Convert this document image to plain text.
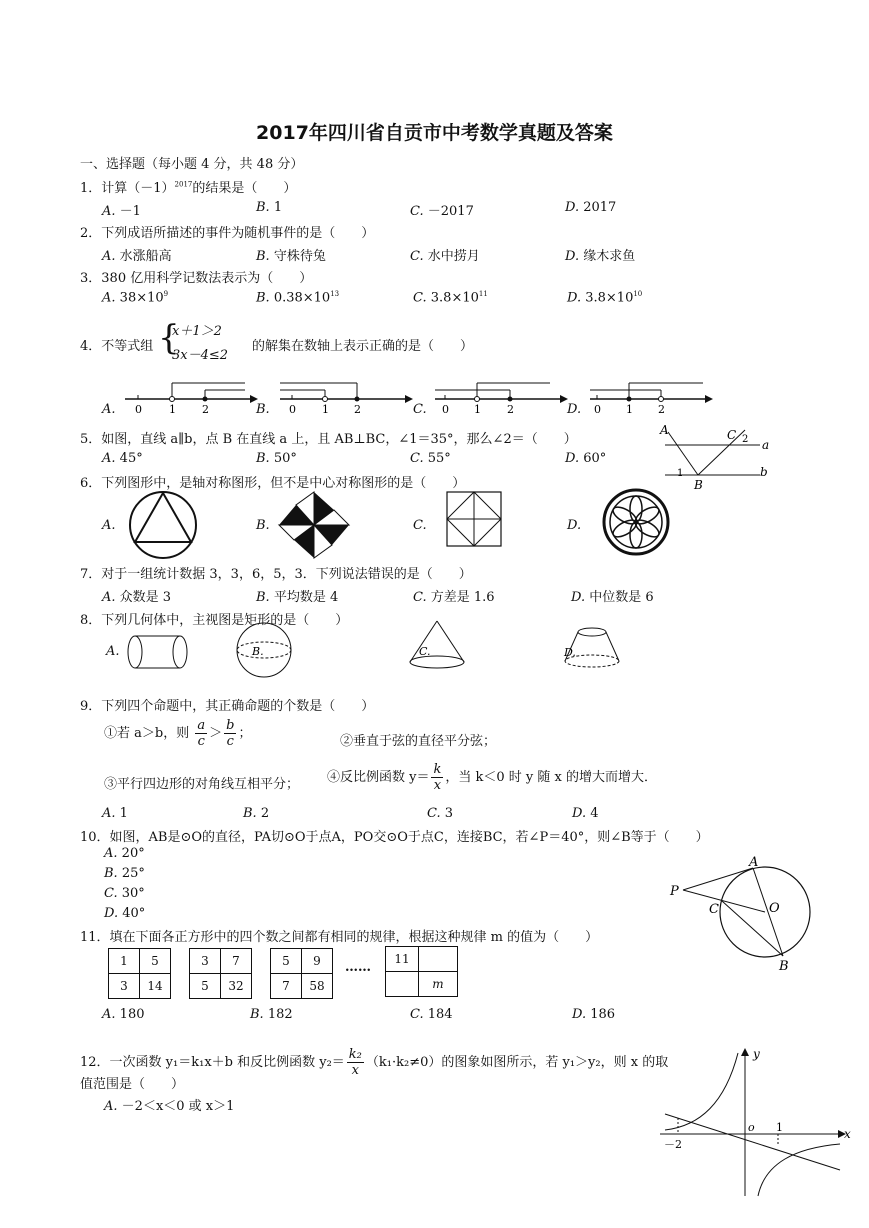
2017年四川省自贡市中考数学真题及答案
一、选择题（每小题 4 分，共 48 分）
1．计算$(-1)^{2017}$的结果是（　　）
A. －1	B. 1	C. －2017	D. 2017
2．下列成语所描述的事件为随机事件的是（　　）
A. 水涨船高	B. 守株待兔	C. 水中捞月	D. 缘木求鱼
3．380 亿用科学记数法表示为（　　）
A. $38\times 10^9$	B. $0.38\times 10^{13}$	C. $3.8\times 10^{11}$	D. $3.8\times 10^{10}$
4．不等式组 {
x＋1＞2
3x－4≤2
的解集在数轴上表示正确的是（　　）
A.	B.	C.	D.
0 1 2	0 1 2	0 1 2	0 1 2
5．如图，直线 a∥b，点 B 在直线 a 上，且 AB⊥BC，∠1＝35°，那么∠2＝（　　）
A. 45°	B. 50°	C. 55°	D. 60°
A	C 2 a
1
B
b
6．下列图形中，是轴对称图形，但不是中心对称图形的是（　　）
A.	B.	C.	D.
7．对于一组统计数据 3，3，6，5，3．下列说法错误的是（　　）
A. 众数是 3	B. 平均数是 4	C. 方差是 1.6	D. 中位数是 6
8．下列几何体中，主视图是矩形的是（　　）
A.	B.	C.	D.
9．下列四个命题中，其正确命题的个数是（　　）
①若 a＞b，则 $\frac{a}{c} > \frac{b}{c}$ ；
②垂直于弦的直径平分弦；
③平行四边形的对角线互相平分； ④反比例函数 $y= \frac{k}{x}$ ，当 k＜0 时 y 随 x 的增大而增大．
A. 1	B. 2	C. 3	D. 4
10．如图，AB是⊙O的直径，PA切⊙O于点A，PO交⊙O于点C，连接BC，若∠P＝40°，则∠B等于（　　）
A. 20°
B. 25°
C. 30°
D. 40°
A
P
C	O
B
11．填在下面各正方形中的四个数之间都有相同的规律，根据这种规律 m 的值为（　　）
1	5
3	14
3	7
5	32
5	9
7	58
……
11	
	m
A. 180	B. 182	C. 184	D. 186
12．一次函数 y₁＝k₁x＋b 和反比例函数 $y_2= \frac{\text{k₂}}{x} (k_1\cdot k_2\ne 0)$的图象如图所示，若 y₁＞y₂，则 x 的取
值范围是（　　）
A. －2＜x＜0 或 x＞1
y
o 1	x
－2
